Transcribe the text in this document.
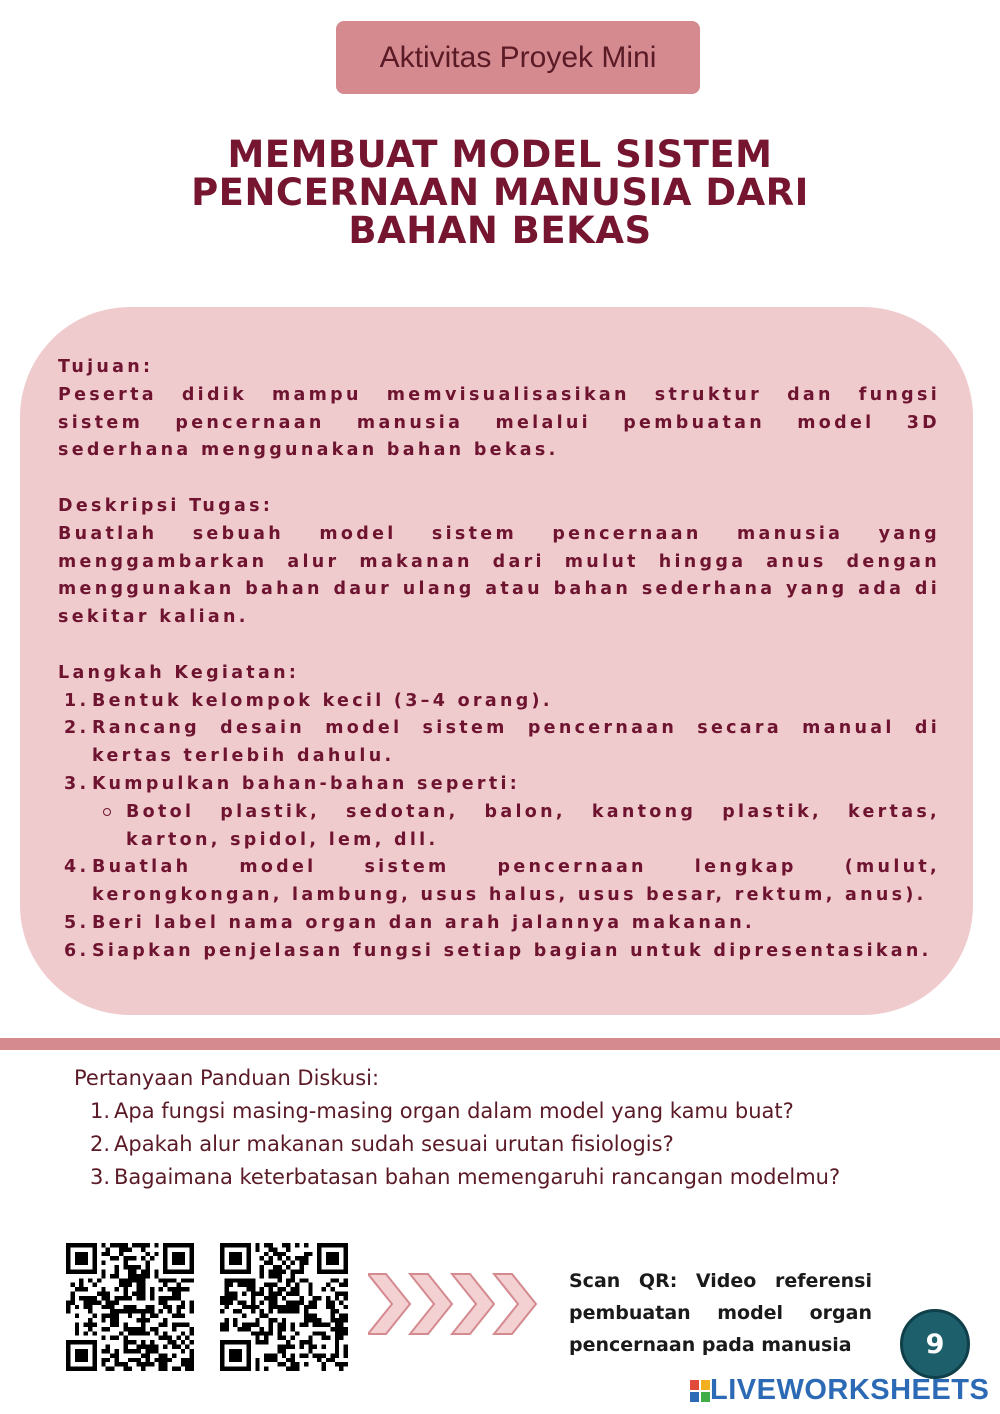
Aktivitas Proyek Mini
MEMBUAT MODEL SISTEM
PENCERNAAN MANUSIA DARI
BAHAN BEKAS

Tujuan:

Peserta didik mampu memvisualisasikan struktur dan fungsi sistem pencernaan manusia melalui pembuatan model 3D sederhana menggunakan bahan bekas.

Deskripsi Tugas:

Buatlah sebuah model sistem pencernaan manusia yang menggambarkan alur makanan dari mulut hingga anus dengan menggunakan bahan daur ulang atau bahan sederhana yang ada di sekitar kalian.

Langkah Kegiatan:

1. Bentuk kelompok kecil (3–4 orang).
2. Rancang desain model sistem pencernaan secara manual di kertas terlebih dahulu.
3. Kumpulkan bahan-bahan seperti:
Botol plastik, sedotan, balon, kantong plastik, kertas, karton, spidol, lem, dll.
4. Buatlah model sistem pencernaan lengkap (mulut, kerongkongan, lambung, usus halus, usus besar, rektum, anus).
5. Beri label nama organ dan arah jalannya makanan.
6. Siapkan penjelasan fungsi setiap bagian untuk dipresentasikan.
Pertanyaan Panduan Diskusi:
1. Apa fungsi masing-masing organ dalam model yang kamu buat?
2. Apakah alur makanan sudah sesuai urutan fisiologis?
3. Bagaimana keterbatasan bahan memengaruhi rancangan modelmu?
Scan QR: Video referensi pembuatan model organ pencernaan pada manusia	9
LIVEWORKSHEETS
